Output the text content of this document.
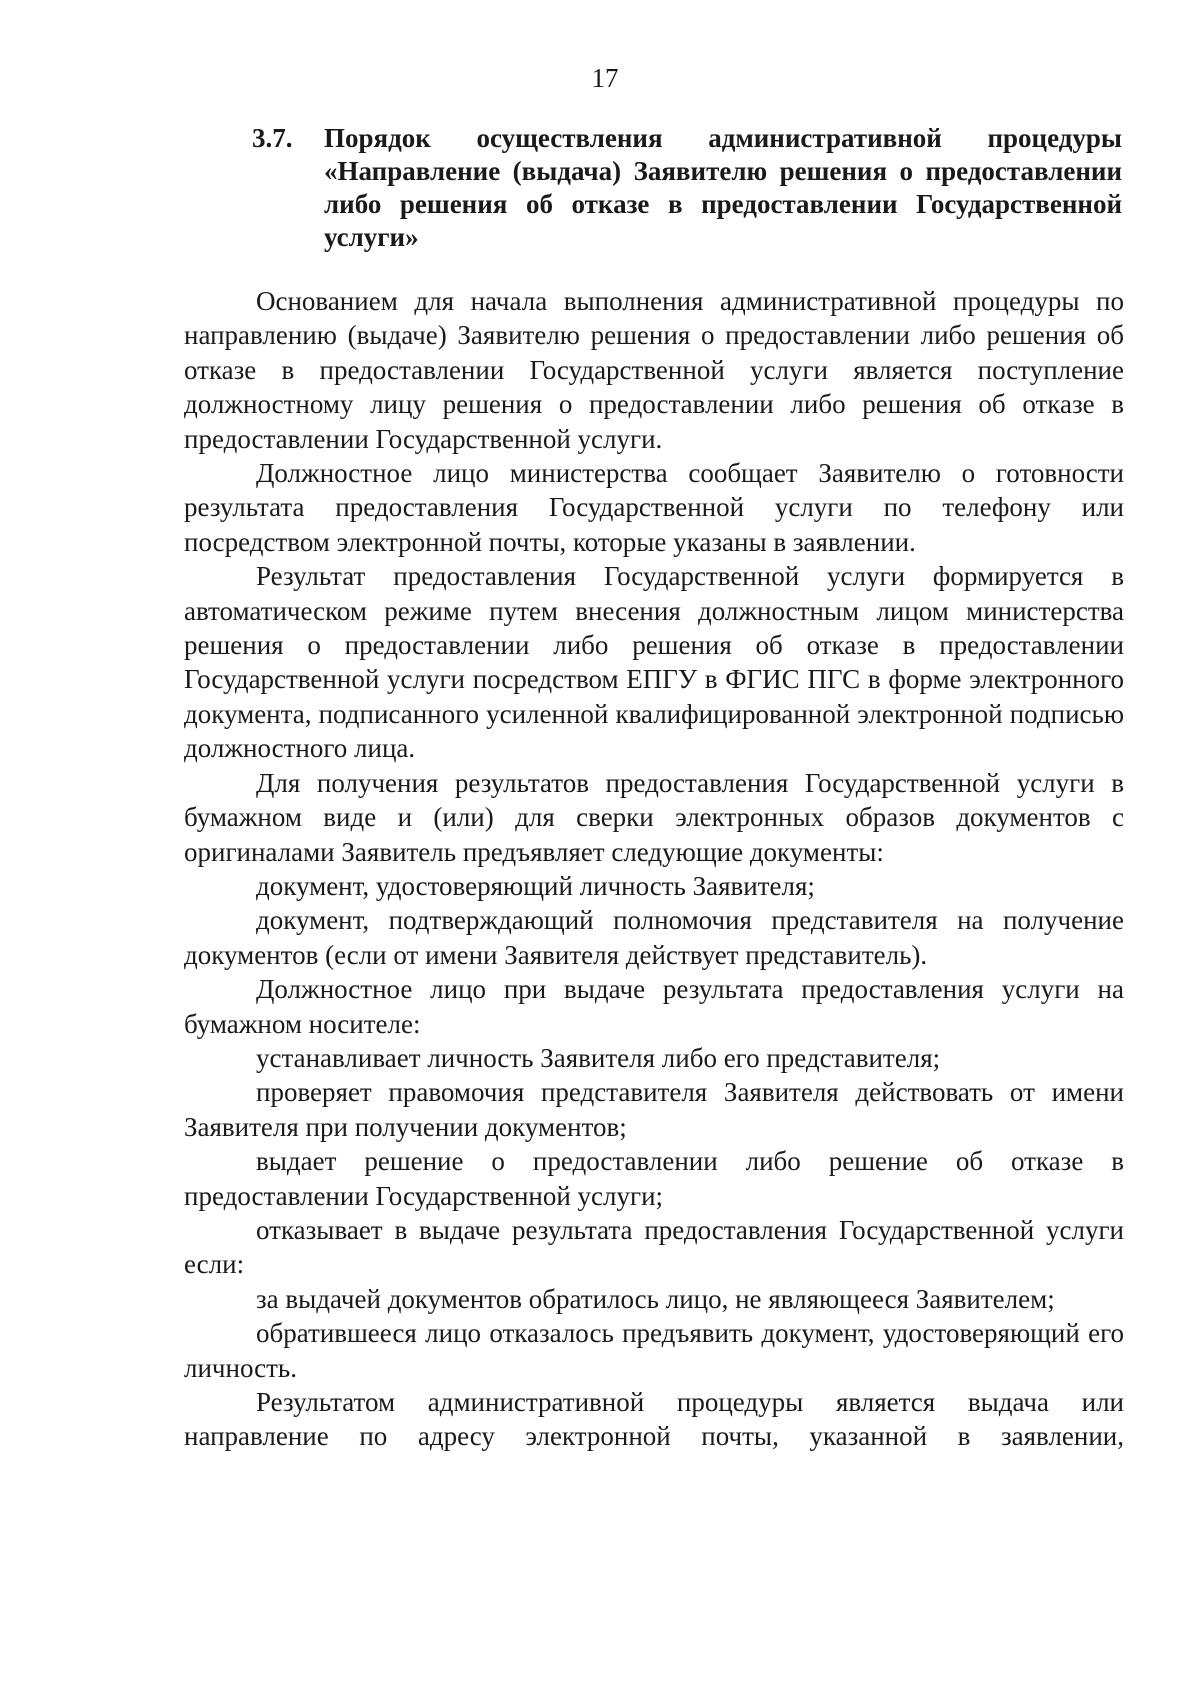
17
3.7. Порядок осуществления административной процедуры «Направление (выдача) Заявителю решения о предоставлении либо решения об отказе в предоставлении Государственной услуги»

Основанием для начала выполнения административной процедуры по направлению (выдаче) Заявителю решения о предоставлении либо решения об отказе в предоставлении Государственной услуги является поступление должностному лицу решения о предоставлении либо решения об отказе в предоставлении Государственной услуги.

Должностное лицо министерства сообщает Заявителю о готовности результата предоставления Государственной услуги по телефону или посредством электронной почты, которые указаны в заявлении.

Результат предоставления Государственной услуги формируется в автоматическом режиме путем внесения должностным лицом министерства решения о предоставлении либо решения об отказе в предоставлении Государственной услуги посредством ЕПГУ в ФГИС ПГС в форме электронного документа, подписанного усиленной квалифицированной электронной подписью должностного лица.

Для получения результатов предоставления Государственной услуги в бумажном виде и (или) для сверки электронных образов документов с оригиналами Заявитель предъявляет следующие документы:

документ, удостоверяющий личность Заявителя;

документ, подтверждающий полномочия представителя на получение документов (если от имени Заявителя действует представитель).

Должностное лицо при выдаче результата предоставления услуги на бумажном носителе:

устанавливает личность Заявителя либо его представителя;

проверяет правомочия представителя Заявителя действовать от имени Заявителя при получении документов;

выдает решение о предоставлении либо решение об отказе в предоставлении Государственной услуги;

отказывает в выдаче результата предоставления Государственной услуги если:

за выдачей документов обратилось лицо, не являющееся Заявителем;

обратившееся лицо отказалось предъявить документ, удостоверяющий его личность.

Результатом административной процедуры является выдача или направление по адресу электронной почты, указанной в заявлении,
